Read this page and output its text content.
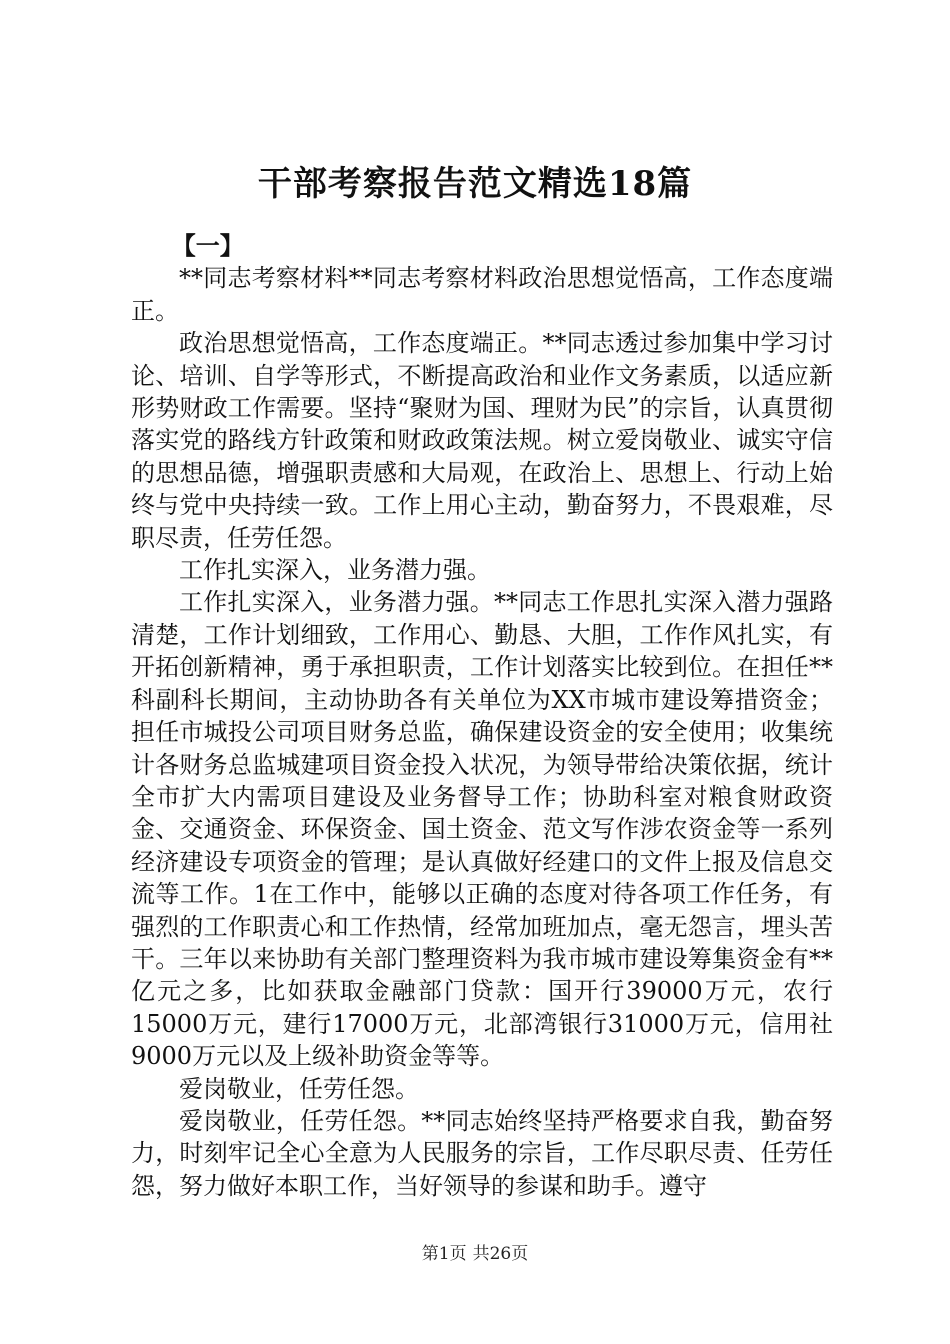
干部考察报告范文精选18篇

【一】

**同志考察材料**同志考察材料政治思想觉悟高，工作态度端正。

政治思想觉悟高，工作态度端正。**同志透过参加集中学习讨论、培训、自学等形式，不断提高政治和业作文务素质，以适应新形势财政工作需要。坚持“聚财为国、理财为民”的宗旨，认真贯彻落实党的路线方针政策和财政政策法规。树立爱岗敬业、诚实守信的思想品德，增强职责感和大局观，在政治上、思想上、行动上始终与党中央持续一致。工作上用心主动，勤奋努力，不畏艰难，尽职尽责，任劳任怨。

工作扎实深入，业务潜力强。

工作扎实深入，业务潜力强。**同志工作思扎实深入潜力强路清楚，工作计划细致，工作用心、勤恳、大胆，工作作风扎实，有开拓创新精神，勇于承担职责，工作计划落实比较到位。在担任**科副科长期间，主动协助各有关单位为XX市城市建设筹措资金；担任市城投公司项目财务总监，确保建设资金的安全使用；收集统计各财务总监城建项目资金投入状况，为领导带给决策依据，统计全市扩大内需项目建设及业务督导工作；协助科室对粮食财政资金、交通资金、环保资金、国土资金、范文写作涉农资金等一系列经济建设专项资金的管理；是认真做好经建口的文件上报及信息交流等工作。1在工作中，能够以正确的态度对待各项工作任务，有强烈的工作职责心和工作热情，经常加班加点，毫无怨言，埋头苦干。三年以来协助有关部门整理资料为我市城市建设筹集资金有**亿元之多，比如获取金融部门贷款：国开行39000万元，农行15000万元，建行17000万元，北部湾银行31000万元，信用社9000万元以及上级补助资金等等。

爱岗敬业，任劳任怨。

爱岗敬业，任劳任怨。**同志始终坚持严格要求自我，勤奋努力，时刻牢记全心全意为人民服务的宗旨，工作尽职尽责、任劳任怨，努力做好本职工作，当好领导的参谋和助手。遵守

第1页 共26页
